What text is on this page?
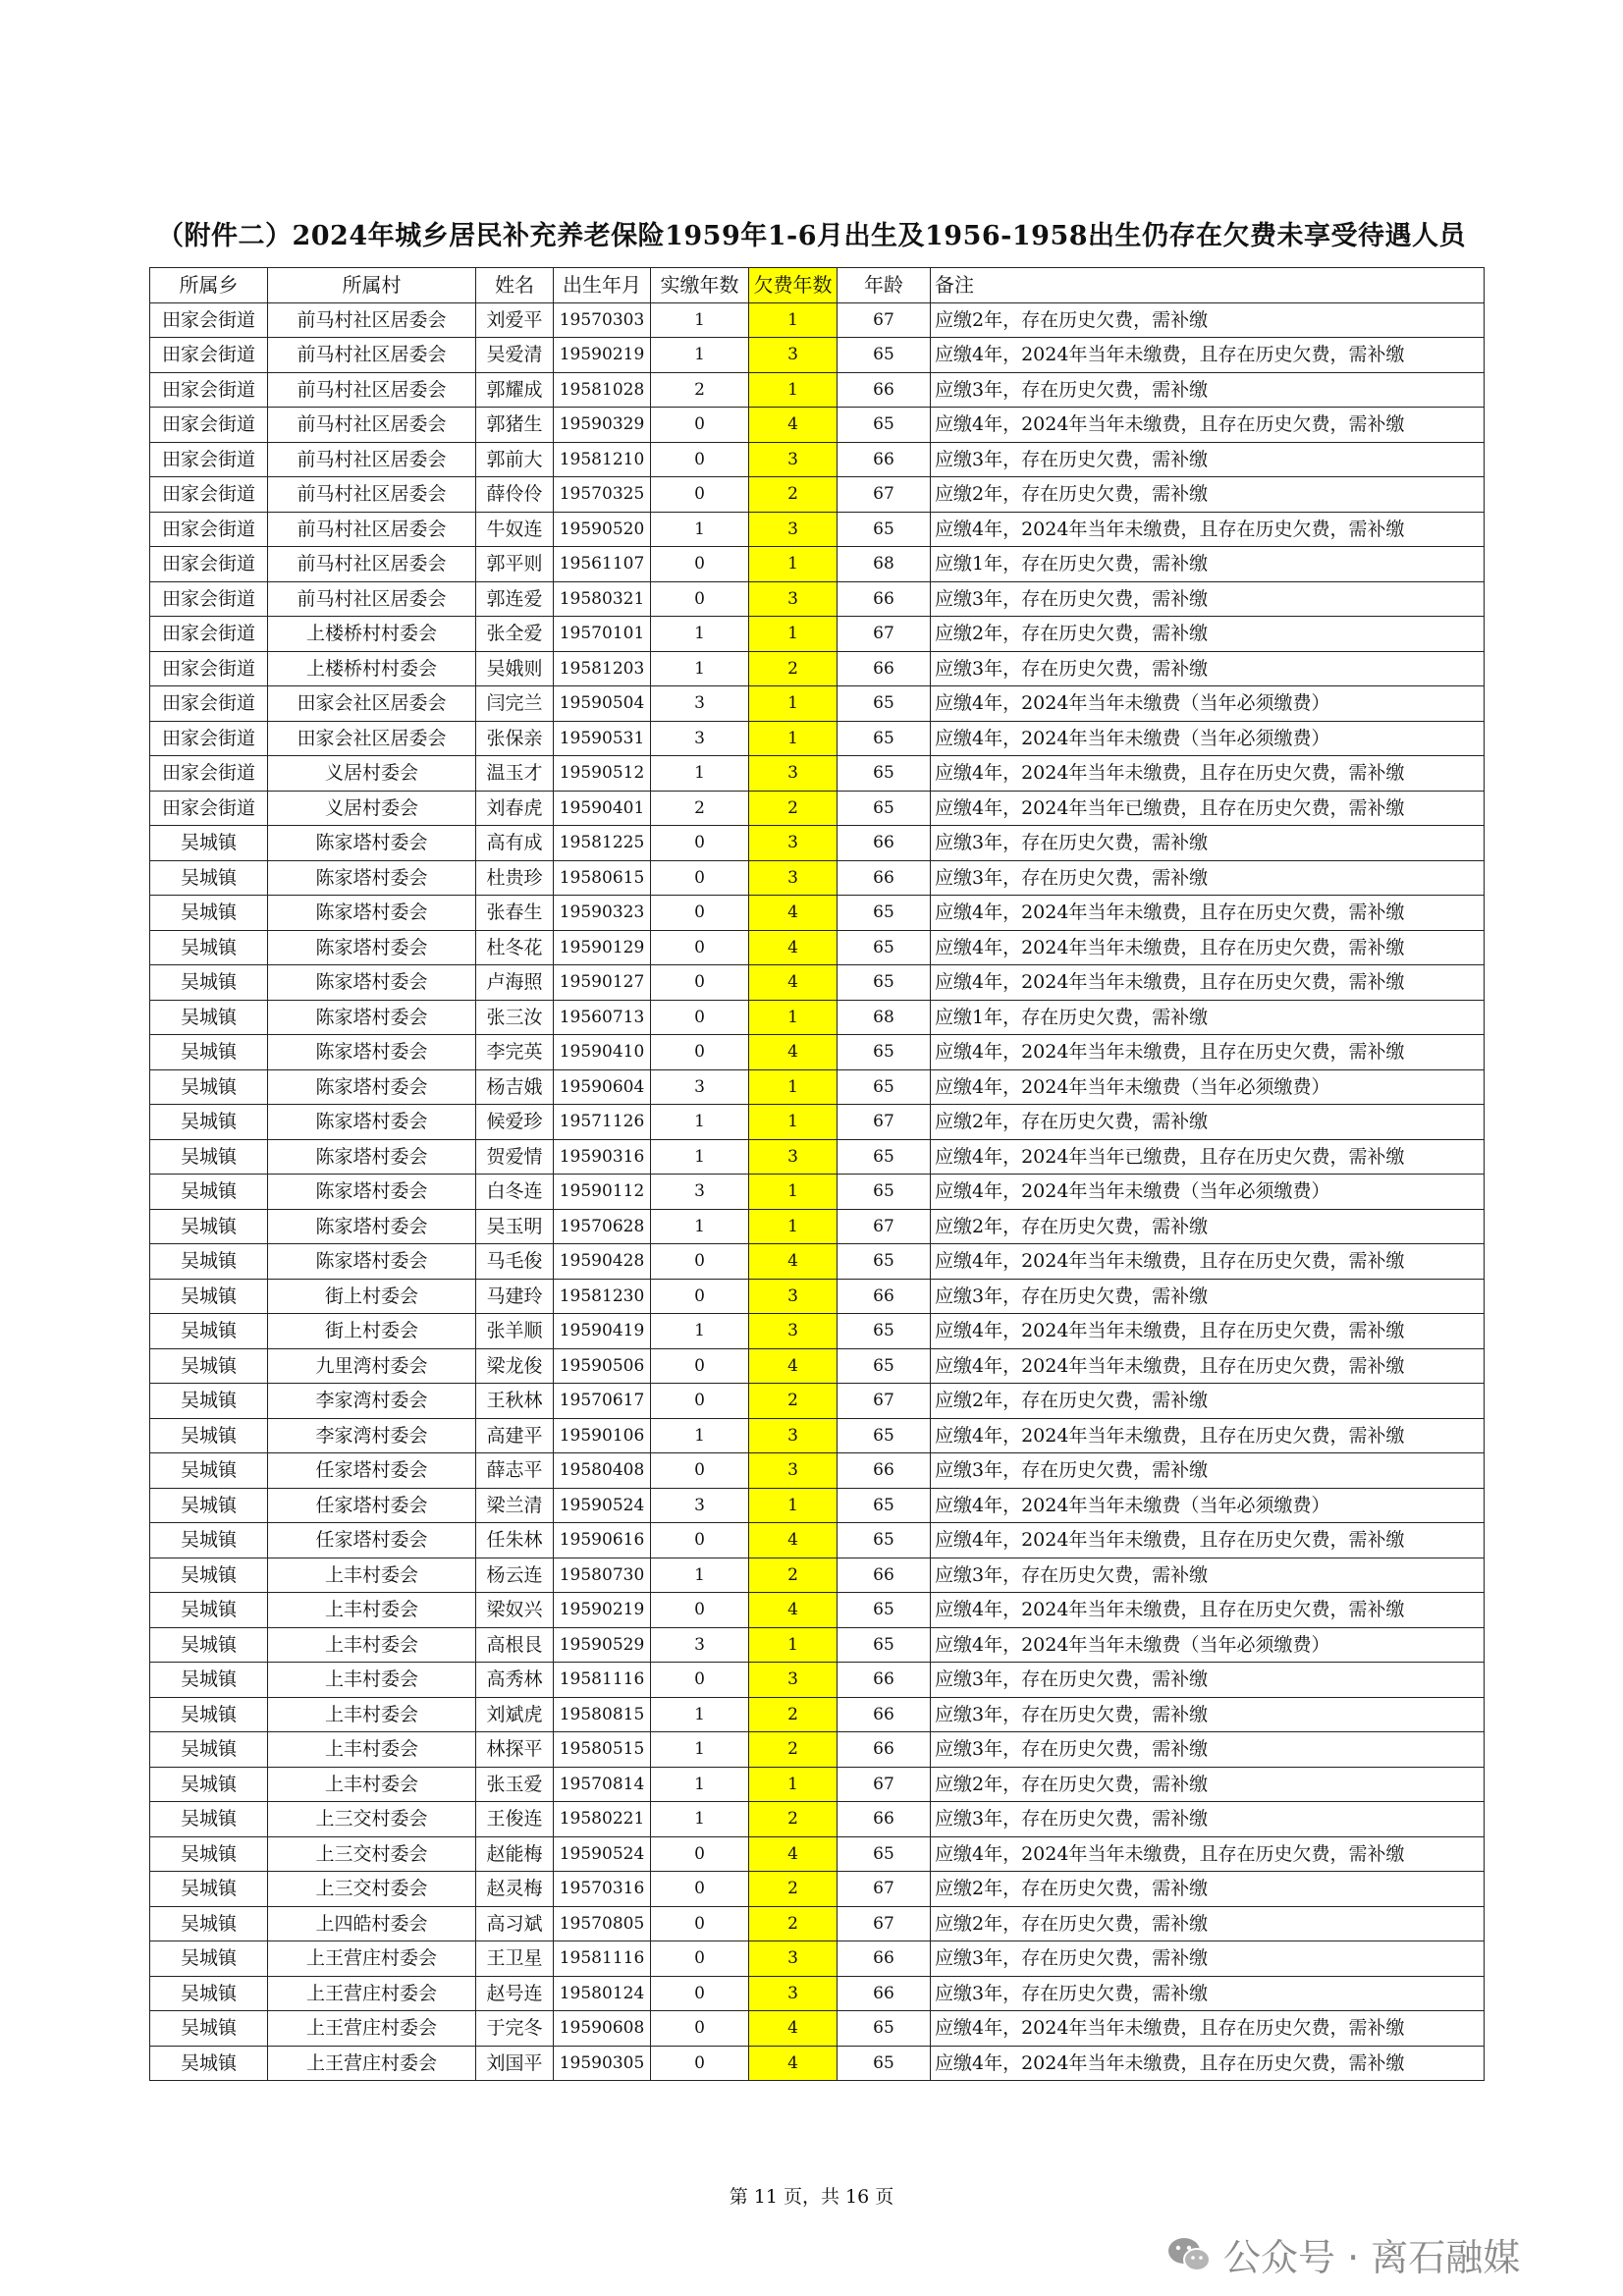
（附件二）2024年城乡居民补充养老保险1959年1-6月出生及1956-1958出生仍存在欠费未享受待遇人员
所属乡	所属村	姓名	出生年月	实缴年数	欠费年数	年龄	备注
田家会街道	前马村社区居委会	刘爱平	19570303	1	1	67	应缴2年，存在历史欠费，需补缴
田家会街道	前马村社区居委会	吴爱清	19590219	1	3	65	应缴4年，2024年当年未缴费，且存在历史欠费，需补缴
田家会街道	前马村社区居委会	郭耀成	19581028	2	1	66	应缴3年，存在历史欠费，需补缴
田家会街道	前马村社区居委会	郭猪生	19590329	0	4	65	应缴4年，2024年当年未缴费，且存在历史欠费，需补缴
田家会街道	前马村社区居委会	郭前大	19581210	0	3	66	应缴3年，存在历史欠费，需补缴
田家会街道	前马村社区居委会	薛伶伶	19570325	0	2	67	应缴2年，存在历史欠费，需补缴
田家会街道	前马村社区居委会	牛奴连	19590520	1	3	65	应缴4年，2024年当年未缴费，且存在历史欠费，需补缴
田家会街道	前马村社区居委会	郭平则	19561107	0	1	68	应缴1年，存在历史欠费，需补缴
田家会街道	前马村社区居委会	郭连爱	19580321	0	3	66	应缴3年，存在历史欠费，需补缴
田家会街道	上楼桥村村委会	张全爱	19570101	1	1	67	应缴2年，存在历史欠费，需补缴
田家会街道	上楼桥村村委会	吴娥则	19581203	1	2	66	应缴3年，存在历史欠费，需补缴
田家会街道	田家会社区居委会	闫完兰	19590504	3	1	65	应缴4年，2024年当年未缴费（当年必须缴费）
田家会街道	田家会社区居委会	张保亲	19590531	3	1	65	应缴4年，2024年当年未缴费（当年必须缴费）
田家会街道	义居村委会	温玉才	19590512	1	3	65	应缴4年，2024年当年未缴费，且存在历史欠费，需补缴
田家会街道	义居村委会	刘春虎	19590401	2	2	65	应缴4年，2024年当年已缴费，且存在历史欠费，需补缴
吴城镇	陈家塔村委会	高有成	19581225	0	3	66	应缴3年，存在历史欠费，需补缴
吴城镇	陈家塔村委会	杜贵珍	19580615	0	3	66	应缴3年，存在历史欠费，需补缴
吴城镇	陈家塔村委会	张春生	19590323	0	4	65	应缴4年，2024年当年未缴费，且存在历史欠费，需补缴
吴城镇	陈家塔村委会	杜冬花	19590129	0	4	65	应缴4年，2024年当年未缴费，且存在历史欠费，需补缴
吴城镇	陈家塔村委会	卢海照	19590127	0	4	65	应缴4年，2024年当年未缴费，且存在历史欠费，需补缴
吴城镇	陈家塔村委会	张三汝	19560713	0	1	68	应缴1年，存在历史欠费，需补缴
吴城镇	陈家塔村委会	李完英	19590410	0	4	65	应缴4年，2024年当年未缴费，且存在历史欠费，需补缴
吴城镇	陈家塔村委会	杨吉娥	19590604	3	1	65	应缴4年，2024年当年未缴费（当年必须缴费）
吴城镇	陈家塔村委会	候爱珍	19571126	1	1	67	应缴2年，存在历史欠费，需补缴
吴城镇	陈家塔村委会	贺爱情	19590316	1	3	65	应缴4年，2024年当年已缴费，且存在历史欠费，需补缴
吴城镇	陈家塔村委会	白冬连	19590112	3	1	65	应缴4年，2024年当年未缴费（当年必须缴费）
吴城镇	陈家塔村委会	吴玉明	19570628	1	1	67	应缴2年，存在历史欠费，需补缴
吴城镇	陈家塔村委会	马毛俊	19590428	0	4	65	应缴4年，2024年当年未缴费，且存在历史欠费，需补缴
吴城镇	街上村委会	马建玲	19581230	0	3	66	应缴3年，存在历史欠费，需补缴
吴城镇	街上村委会	张羊顺	19590419	1	3	65	应缴4年，2024年当年未缴费，且存在历史欠费，需补缴
吴城镇	九里湾村委会	梁龙俊	19590506	0	4	65	应缴4年，2024年当年未缴费，且存在历史欠费，需补缴
吴城镇	李家湾村委会	王秋林	19570617	0	2	67	应缴2年，存在历史欠费，需补缴
吴城镇	李家湾村委会	高建平	19590106	1	3	65	应缴4年，2024年当年未缴费，且存在历史欠费，需补缴
吴城镇	任家塔村委会	薛志平	19580408	0	3	66	应缴3年，存在历史欠费，需补缴
吴城镇	任家塔村委会	梁兰清	19590524	3	1	65	应缴4年，2024年当年未缴费（当年必须缴费）
吴城镇	任家塔村委会	任朱林	19590616	0	4	65	应缴4年，2024年当年未缴费，且存在历史欠费，需补缴
吴城镇	上丰村委会	杨云连	19580730	1	2	66	应缴3年，存在历史欠费，需补缴
吴城镇	上丰村委会	梁奴兴	19590219	0	4	65	应缴4年，2024年当年未缴费，且存在历史欠费，需补缴
吴城镇	上丰村委会	高根艮	19590529	3	1	65	应缴4年，2024年当年未缴费（当年必须缴费）
吴城镇	上丰村委会	高秀林	19581116	0	3	66	应缴3年，存在历史欠费，需补缴
吴城镇	上丰村委会	刘斌虎	19580815	1	2	66	应缴3年，存在历史欠费，需补缴
吴城镇	上丰村委会	林探平	19580515	1	2	66	应缴3年，存在历史欠费，需补缴
吴城镇	上丰村委会	张玉爱	19570814	1	1	67	应缴2年，存在历史欠费，需补缴
吴城镇	上三交村委会	王俊连	19580221	1	2	66	应缴3年，存在历史欠费，需补缴
吴城镇	上三交村委会	赵能梅	19590524	0	4	65	应缴4年，2024年当年未缴费，且存在历史欠费，需补缴
吴城镇	上三交村委会	赵灵梅	19570316	0	2	67	应缴2年，存在历史欠费，需补缴
吴城镇	上四皓村委会	高习斌	19570805	0	2	67	应缴2年，存在历史欠费，需补缴
吴城镇	上王营庄村委会	王卫星	19581116	0	3	66	应缴3年，存在历史欠费，需补缴
吴城镇	上王营庄村委会	赵号连	19580124	0	3	66	应缴3年，存在历史欠费，需补缴
吴城镇	上王营庄村委会	于完冬	19590608	0	4	65	应缴4年，2024年当年未缴费，且存在历史欠费，需补缴
吴城镇	上王营庄村委会	刘国平	19590305	0	4	65	应缴4年，2024年当年未缴费，且存在历史欠费，需补缴
第 11 页，共 16 页
公众号 · 离石融媒
